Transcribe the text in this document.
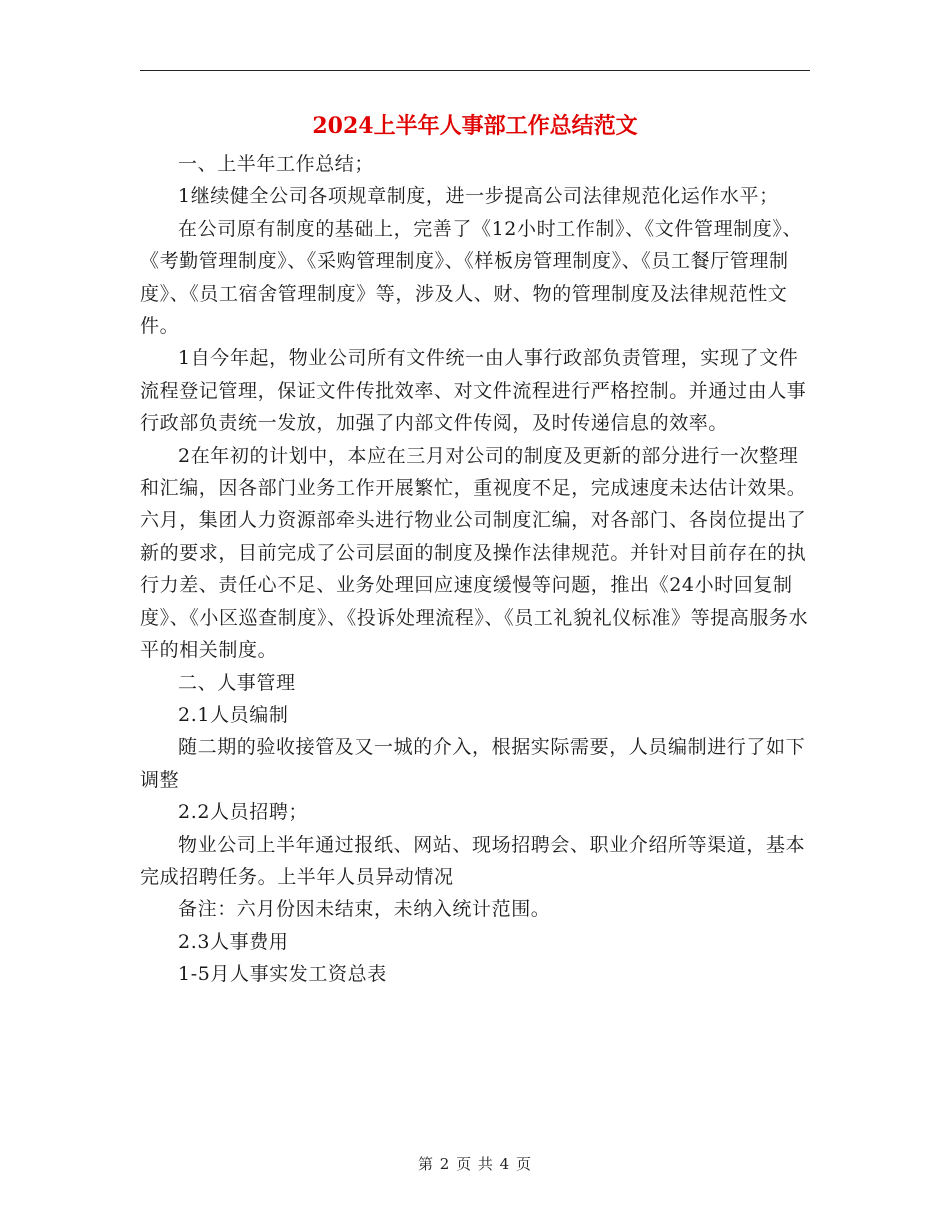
2024上半年人事部工作总结范文

一、上半年工作总结；

1继续健全公司各项规章制度，进一步提高公司法律规范化运作水平；

在公司原有制度的基础上，完善了《12小时工作制》、《文件管理制度》、《考勤管理制度》、《采购管理制度》、《样板房管理制度》、《员工餐厅管理制度》、《员工宿舍管理制度》等，涉及人、财、物的管理制度及法律规范性文件。

1自今年起，物业公司所有文件统一由人事行政部负责管理，实现了文件流程登记管理，保证文件传批效率、对文件流程进行严格控制。并通过由人事行政部负责统一发放，加强了内部文件传阅，及时传递信息的效率。

2在年初的计划中，本应在三月对公司的制度及更新的部分进行一次整理和汇编，因各部门业务工作开展繁忙，重视度不足，完成速度未达估计效果。六月，集团人力资源部牵头进行物业公司制度汇编，对各部门、各岗位提出了新的要求，目前完成了公司层面的制度及操作法律规范。并针对目前存在的执行力差、责任心不足、业务处理回应速度缓慢等问题，推出《24小时回复制度》、《小区巡查制度》、《投诉处理流程》、《员工礼貌礼仪标准》等提高服务水平的相关制度。

二、人事管理

2.1人员编制

随二期的验收接管及又一城的介入，根据实际需要，人员编制进行了如下调整

2.2人员招聘；

物业公司上半年通过报纸、网站、现场招聘会、职业介绍所等渠道，基本完成招聘任务。上半年人员异动情况

备注：六月份因未结束，未纳入统计范围。

2.3人事费用

1-5月人事实发工资总表

第 2 页 共 4 页
